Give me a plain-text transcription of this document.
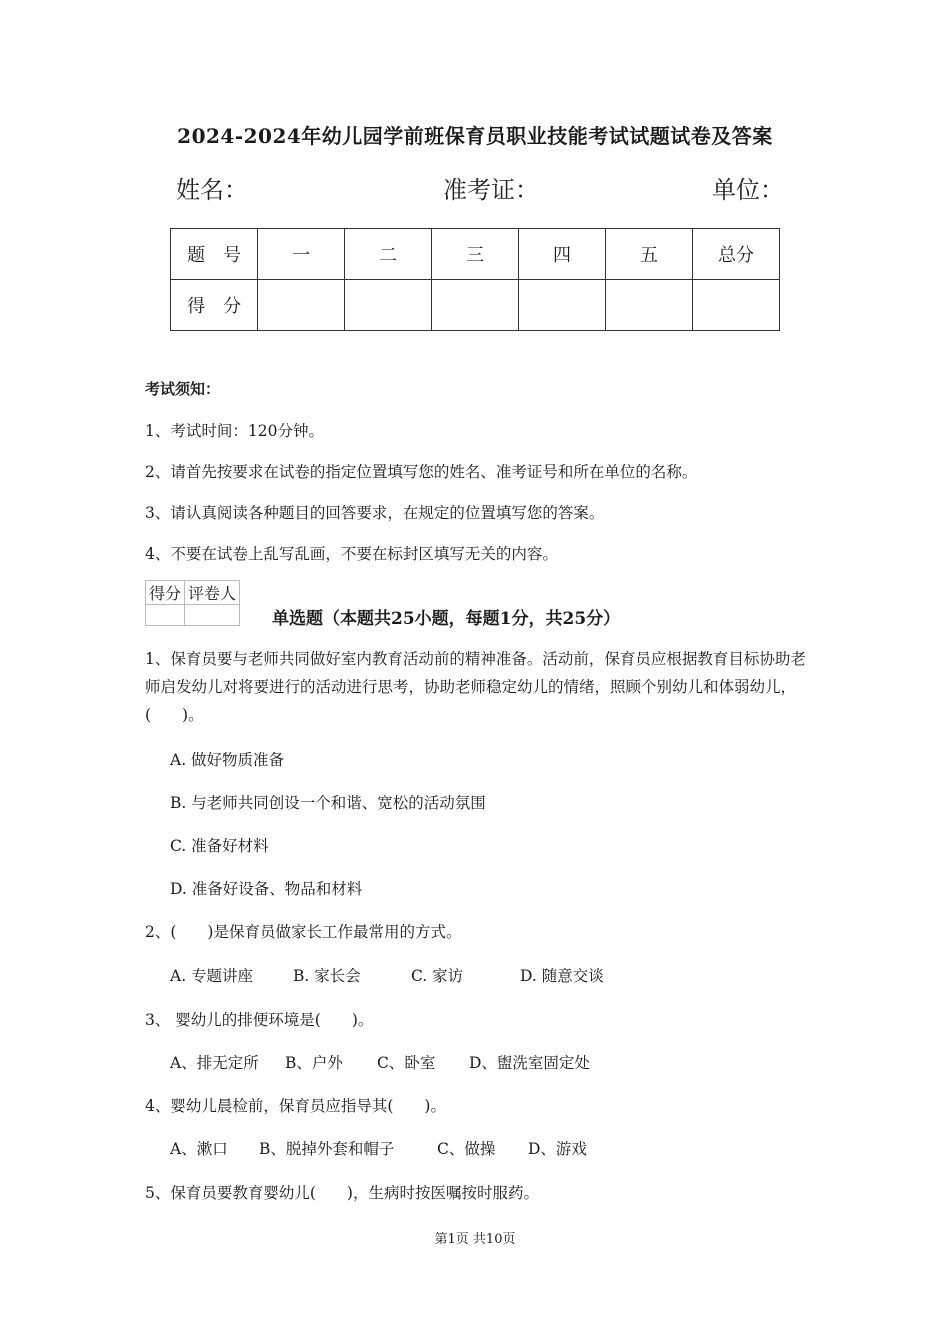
2024-2024年幼儿园学前班保育员职业技能考试试题试卷及答案
姓名：	准考证：	单位：
题　号	一	二	三	四	五	总分
得　分						
考试须知：
1、考试时间：120分钟。
2、请首先按要求在试卷的指定位置填写您的姓名、准考证号和所在单位的名称。
3、请认真阅读各种题目的回答要求，在规定的位置填写您的答案。
4、不要在试卷上乱写乱画，不要在标封区填写无关的内容。
得分	评卷人

单选题（本题共25小题，每题1分，共25分）
1、保育员要与老师共同做好室内教育活动前的精神准备。活动前，保育员应根据教育目标协助老师启发幼儿对将要进行的活动进行思考，协助老师稳定幼儿的情绪，照顾个别幼儿和体弱幼儿，(　　)。
A. 做好物质准备
B. 与老师共同创设一个和谐、宽松的活动氛围
C. 准备好材料
D. 准备好设备、物品和材料
2、(　　)是保育员做家长工作最常用的方式。
A. 专题讲座	B. 家长会	C. 家访	D. 随意交谈
3、 婴幼儿的排便环境是(　　)。
A、排无定所 B、户外 C、卧室 D、盥洗室固定处
4、婴幼儿晨检前，保育员应指导其(　　)。
A、漱口 B、脱掉外套和帽子	C、做操 D、游戏
5、保育员要教育婴幼儿(　　)，生病时按医嘱按时服药。
第1页 共10页
